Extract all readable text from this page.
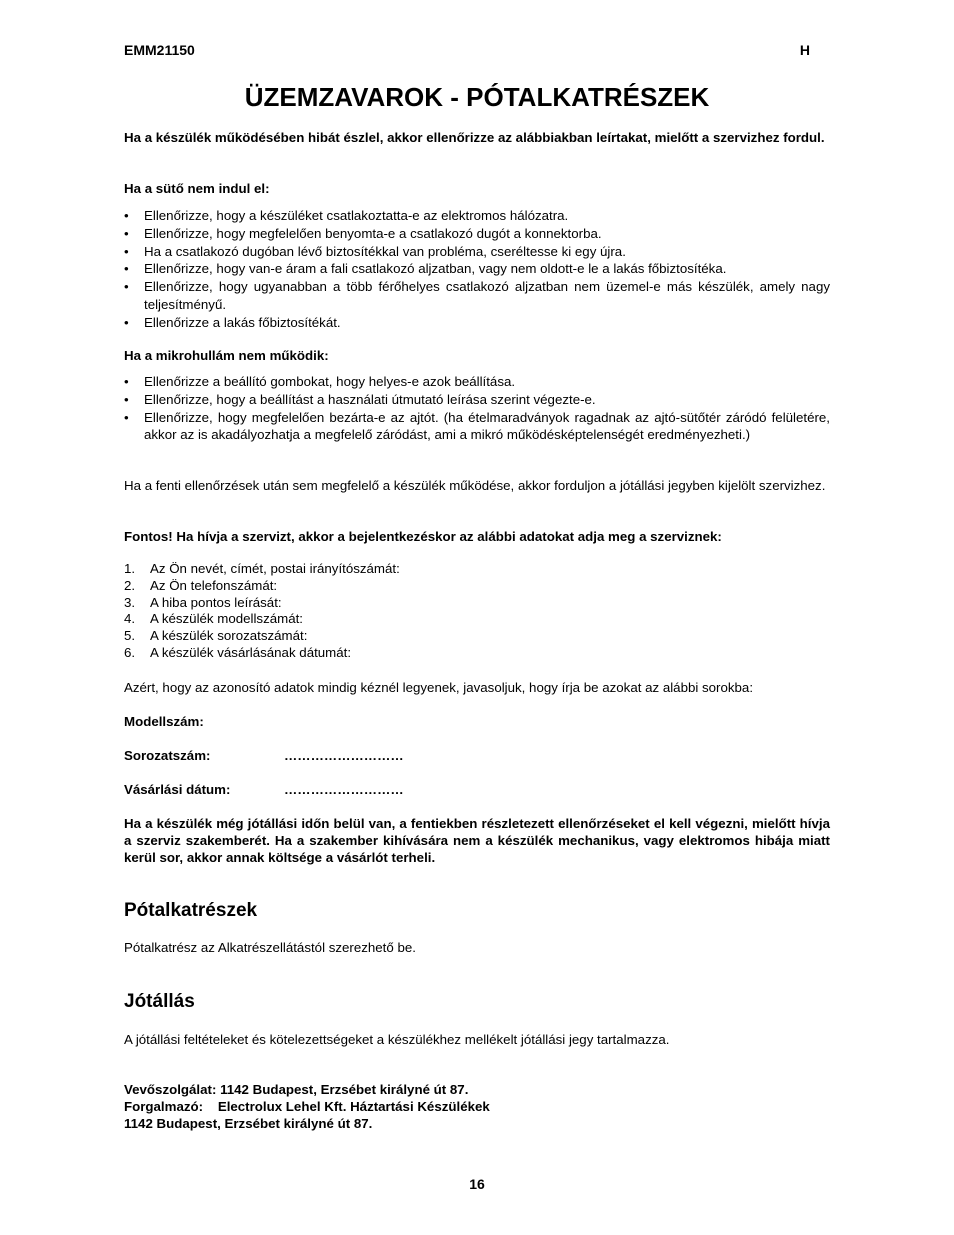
EMM21150	H
ÜZEMZAVAROK - PÓTALKATRÉSZEK
Ha a készülék működésében hibát észlel, akkor ellenőrizze az alábbiakban leírtakat, mielőtt a szervizhez fordul.
Ha a sütő nem indul el:
• Ellenőrizze, hogy a készüléket csatlakoztatta-e az elektromos hálózatra.
• Ellenőrizze, hogy megfelelően benyomta-e a csatlakozó dugót a konnektorba.
• Ha a csatlakozó dugóban lévő biztosítékkal van probléma, cseréltesse ki egy újra.
• Ellenőrizze, hogy van-e áram a fali csatlakozó aljzatban, vagy nem oldott-e le a lakás főbiztosítéka.
• Ellenőrizze, hogy ugyanabban a több férőhelyes csatlakozó aljzatban nem üzemel-e más készülék, amely nagy teljesítményű.
• Ellenőrizze a lakás főbiztosítékát.
Ha a mikrohullám nem működik:
• Ellenőrizze a beállító gombokat, hogy helyes-e azok beállítása.
• Ellenőrizze, hogy a beállítást a használati útmutató leírása szerint végezte-e.
• Ellenőrizze, hogy megfelelően bezárta-e az ajtót. (ha ételmaradványok ragadnak az ajtó-sütőtér záródó felületére, akkor az is akadályozhatja a megfelelő záródást, ami a mikró működésképtelenségét eredményezheti.)
Ha a fenti ellenőrzések után sem megfelelő a készülék működése, akkor forduljon a jótállási jegyben kijelölt szervizhez.
Fontos! Ha hívja a szervizt, akkor a bejelentkezéskor az alábbi adatokat adja meg a szerviznek:
1. Az Ön nevét, címét, postai irányítószámát:
2. Az Ön telefonszámát:
3. A hiba pontos leírását:
4. A készülék modellszámát:
5. A készülék sorozatszámát:
6. A készülék vásárlásának dátumát:
Azért, hogy az azonosító adatok mindig kéznél legyenek, javasoljuk, hogy írja be azokat az alábbi sorokba:
Modellszám:
Sorozatszám:	………………………
Vásárlási dátum:	………………………
Ha a készülék még jótállási időn belül van, a fentiekben részletezett ellenőrzéseket el kell végezni, mielőtt hívja a szerviz szakemberét. Ha a szakember kihívására nem a készülék mechanikus, vagy elektromos hibája miatt kerül sor, akkor annak költsége a vásárlót terheli.
Pótalkatrészek
Pótalkatrész az Alkatrészellátástól szerezhető be.
Jótállás
A jótállási feltételeket és kötelezettségeket a készülékhez mellékelt jótállási jegy tartalmazza.
Vevőszolgálat: 1142 Budapest, Erzsébet királyné út 87.
Forgalmazó:    Electrolux Lehel Kft. Háztartási Készülékek
1142 Budapest, Erzsébet királyné út 87.
16
